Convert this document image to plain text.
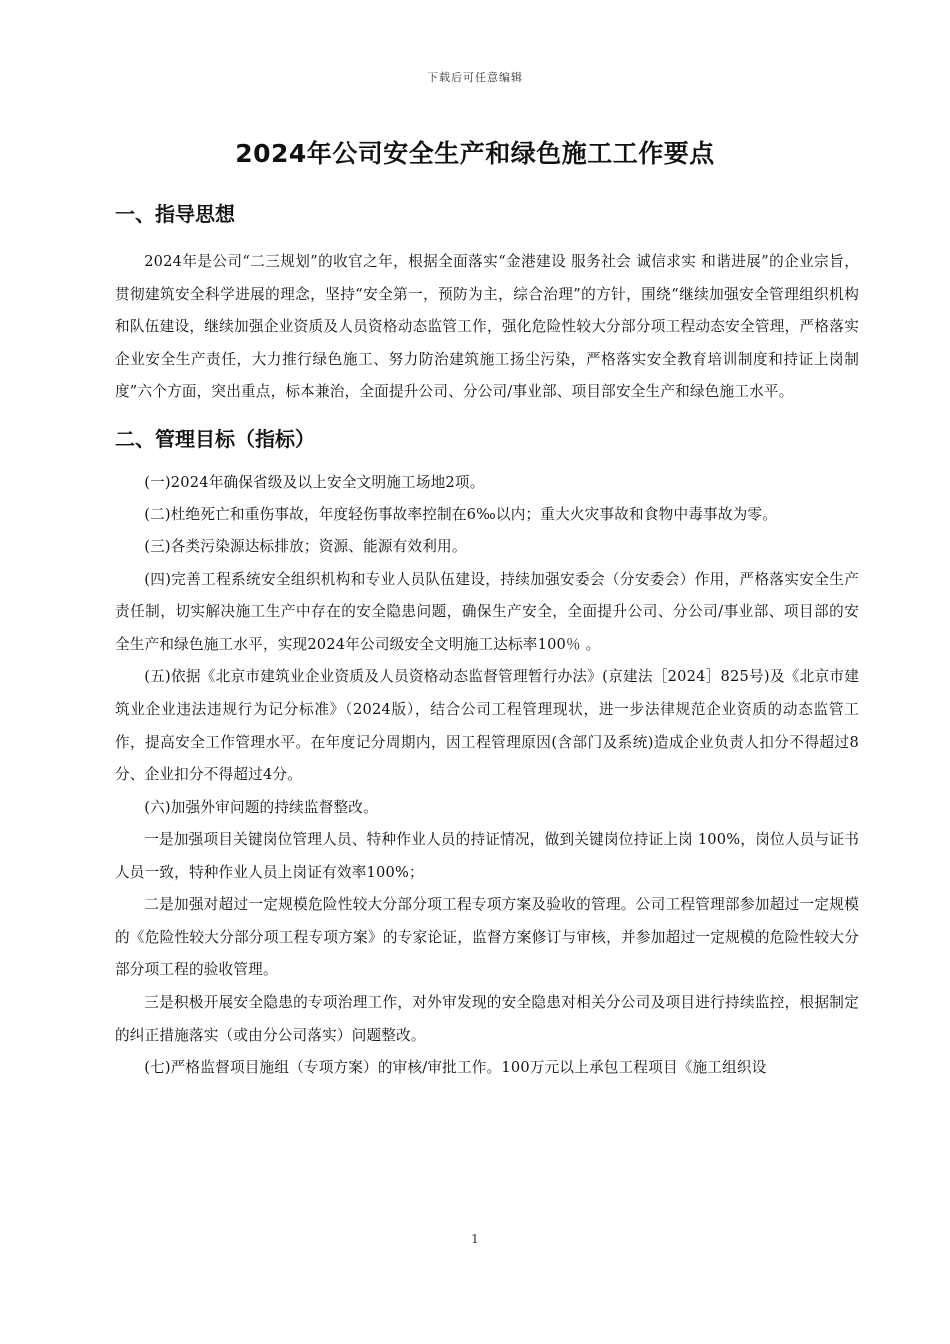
下载后可任意编辑
2024年公司安全生产和绿色施工工作要点
一、指导思想

2024年是公司“二三规划”的收官之年，根据全面落实“金港建设 服务社会 诚信求实 和谐进展”的企业宗旨，贯彻建筑安全科学进展的理念，坚持“安全第一，预防为主，综合治理”的方针，围绕“继续加强安全管理组织机构和队伍建设，继续加强企业资质及人员资格动态监管工作，强化危险性较大分部分项工程动态安全管理，严格落实企业安全生产责任，大力推行绿色施工、努力防治建筑施工扬尘污染，严格落实安全教育培训制度和持证上岗制度”六个方面，突出重点，标本兼治，全面提升公司、分公司/事业部、项目部安全生产和绿色施工水平。

二、管理目标（指标）

(一)2024年确保省级及以上安全文明施工场地2项。

(二)杜绝死亡和重伤事故，年度轻伤事故率控制在6‰以内；重大火灾事故和食物中毒事故为零。

(三)各类污染源达标排放；资源、能源有效利用。

(四)完善工程系统安全组织机构和专业人员队伍建设，持续加强安委会（分安委会）作用，严格落实安全生产责任制，切实解决施工生产中存在的安全隐患问题，确保生产安全，全面提升公司、分公司/事业部、项目部的安全生产和绿色施工水平，实现2024年公司级安全文明施工达标率100％ 。

(五)依据《北京市建筑业企业资质及人员资格动态监督管理暂行办法》(京建法［2024］825号)及《北京市建筑业企业违法违规行为记分标准》（2024版），结合公司工程管理现状，进一步法律规范企业资质的动态监管工作，提高安全工作管理水平。在年度记分周期内，因工程管理原因(含部门及系统)造成企业负责人扣分不得超过8分、企业扣分不得超过4分。

(六)加强外审问题的持续监督整改。

一是加强项目关键岗位管理人员、特种作业人员的持证情况，做到关键岗位持证上岗 100%，岗位人员与证书人员一致，特种作业人员上岗证有效率100%；

二是加强对超过一定规模危险性较大分部分项工程专项方案及验收的管理。公司工程管理部参加超过一定规模的《危险性较大分部分项工程专项方案》的专家论证，监督方案修订与审核，并参加超过一定规模的危险性较大分部分项工程的验收管理。

三是积极开展安全隐患的专项治理工作，对外审发现的安全隐患对相关分公司及项目进行持续监控，根据制定的纠正措施落实（或由分公司落实）问题整改。

(七)严格监督项目施组（专项方案）的审核/审批工作。100万元以上承包工程项目《施工组织设

1
